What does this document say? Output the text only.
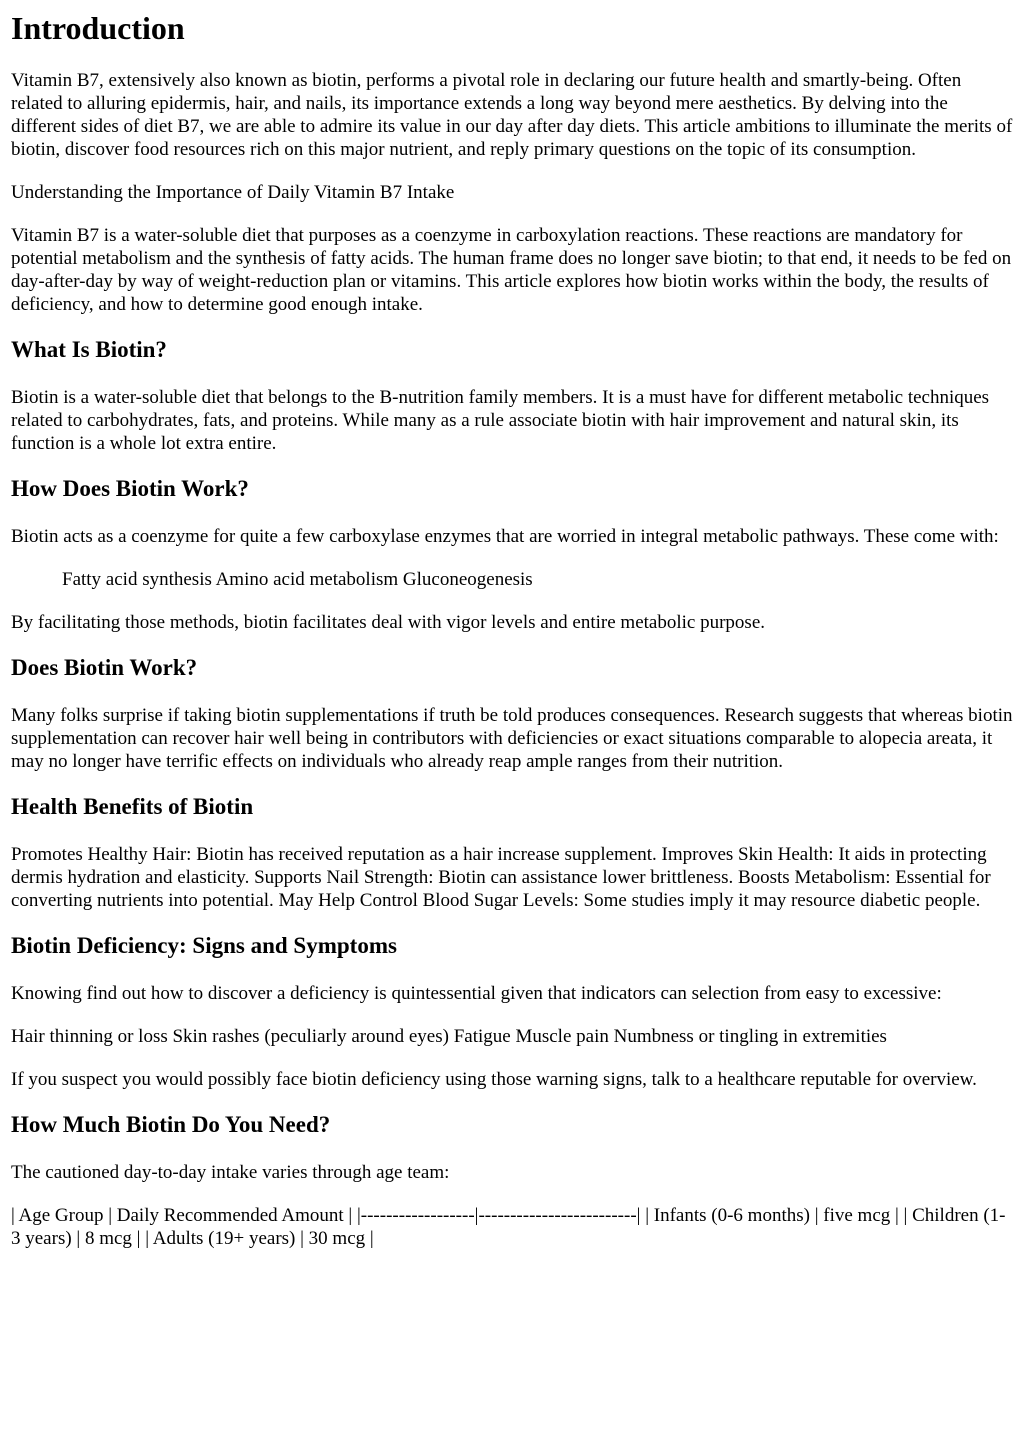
Introduction

Vitamin B7, extensively also known as biotin, performs a pivotal role in declaring our future health and smartly-being. Often related to alluring epidermis, hair, and nails, its importance extends a long way beyond mere aesthetics. By delving into the different sides of diet B7, we are able to admire its value in our day after day diets. This article ambitions to illuminate the merits of biotin, discover food resources rich on this major nutrient, and reply primary questions on the topic of its consumption.

Understanding the Importance of Daily Vitamin B7 Intake

Vitamin B7 is a water-soluble diet that purposes as a coenzyme in carboxylation reactions. These reactions are mandatory for potential metabolism and the synthesis of fatty acids. The human frame does no longer save biotin; to that end, it needs to be fed on day-after-day by way of weight-reduction plan or vitamins. This article explores how biotin works within the body, the results of deficiency, and how to determine good enough intake.

What Is Biotin?

Biotin is a water-soluble diet that belongs to the B-nutrition family members. It is a must have for different metabolic techniques related to carbohydrates, fats, and proteins. While many as a rule associate biotin with hair improvement and natural skin, its function is a whole lot extra entire.

How Does Biotin Work?

Biotin acts as a coenzyme for quite a few carboxylase enzymes that are worried in integral metabolic pathways. These come with:

Fatty acid synthesis Amino acid metabolism Gluconeogenesis

By facilitating those methods, biotin facilitates deal with vigor levels and entire metabolic purpose.

Does Biotin Work?

Many folks surprise if taking biotin supplementations if truth be told produces consequences. Research suggests that whereas biotin supplementation can recover hair well being in contributors with deficiencies or exact situations comparable to alopecia areata, it may no longer have terrific effects on individuals who already reap ample ranges from their nutrition.

Health Benefits of Biotin

Promotes Healthy Hair: Biotin has received reputation as a hair increase supplement. Improves Skin Health: It aids in protecting dermis hydration and elasticity. Supports Nail Strength: Biotin can assistance lower brittleness. Boosts Metabolism: Essential for converting nutrients into potential. May Help Control Blood Sugar Levels: Some studies imply it may resource diabetic people.

Biotin Deficiency: Signs and Symptoms

Knowing find out how to discover a deficiency is quintessential given that indicators can selection from easy to excessive:

Hair thinning or loss Skin rashes (peculiarly around eyes) Fatigue Muscle pain Numbness or tingling in extremities

If you suspect you would possibly face biotin deficiency using those warning signs, talk to a healthcare reputable for overview.

How Much Biotin Do You Need?

The cautioned day-to-day intake varies through age team:

| Age Group | Daily Recommended Amount | |------------------|-------------------------| | Infants (0-6 months) | five mcg | | Children (1-3 years) | 8 mcg | | Adults (19+ years) | 30 mcg |
